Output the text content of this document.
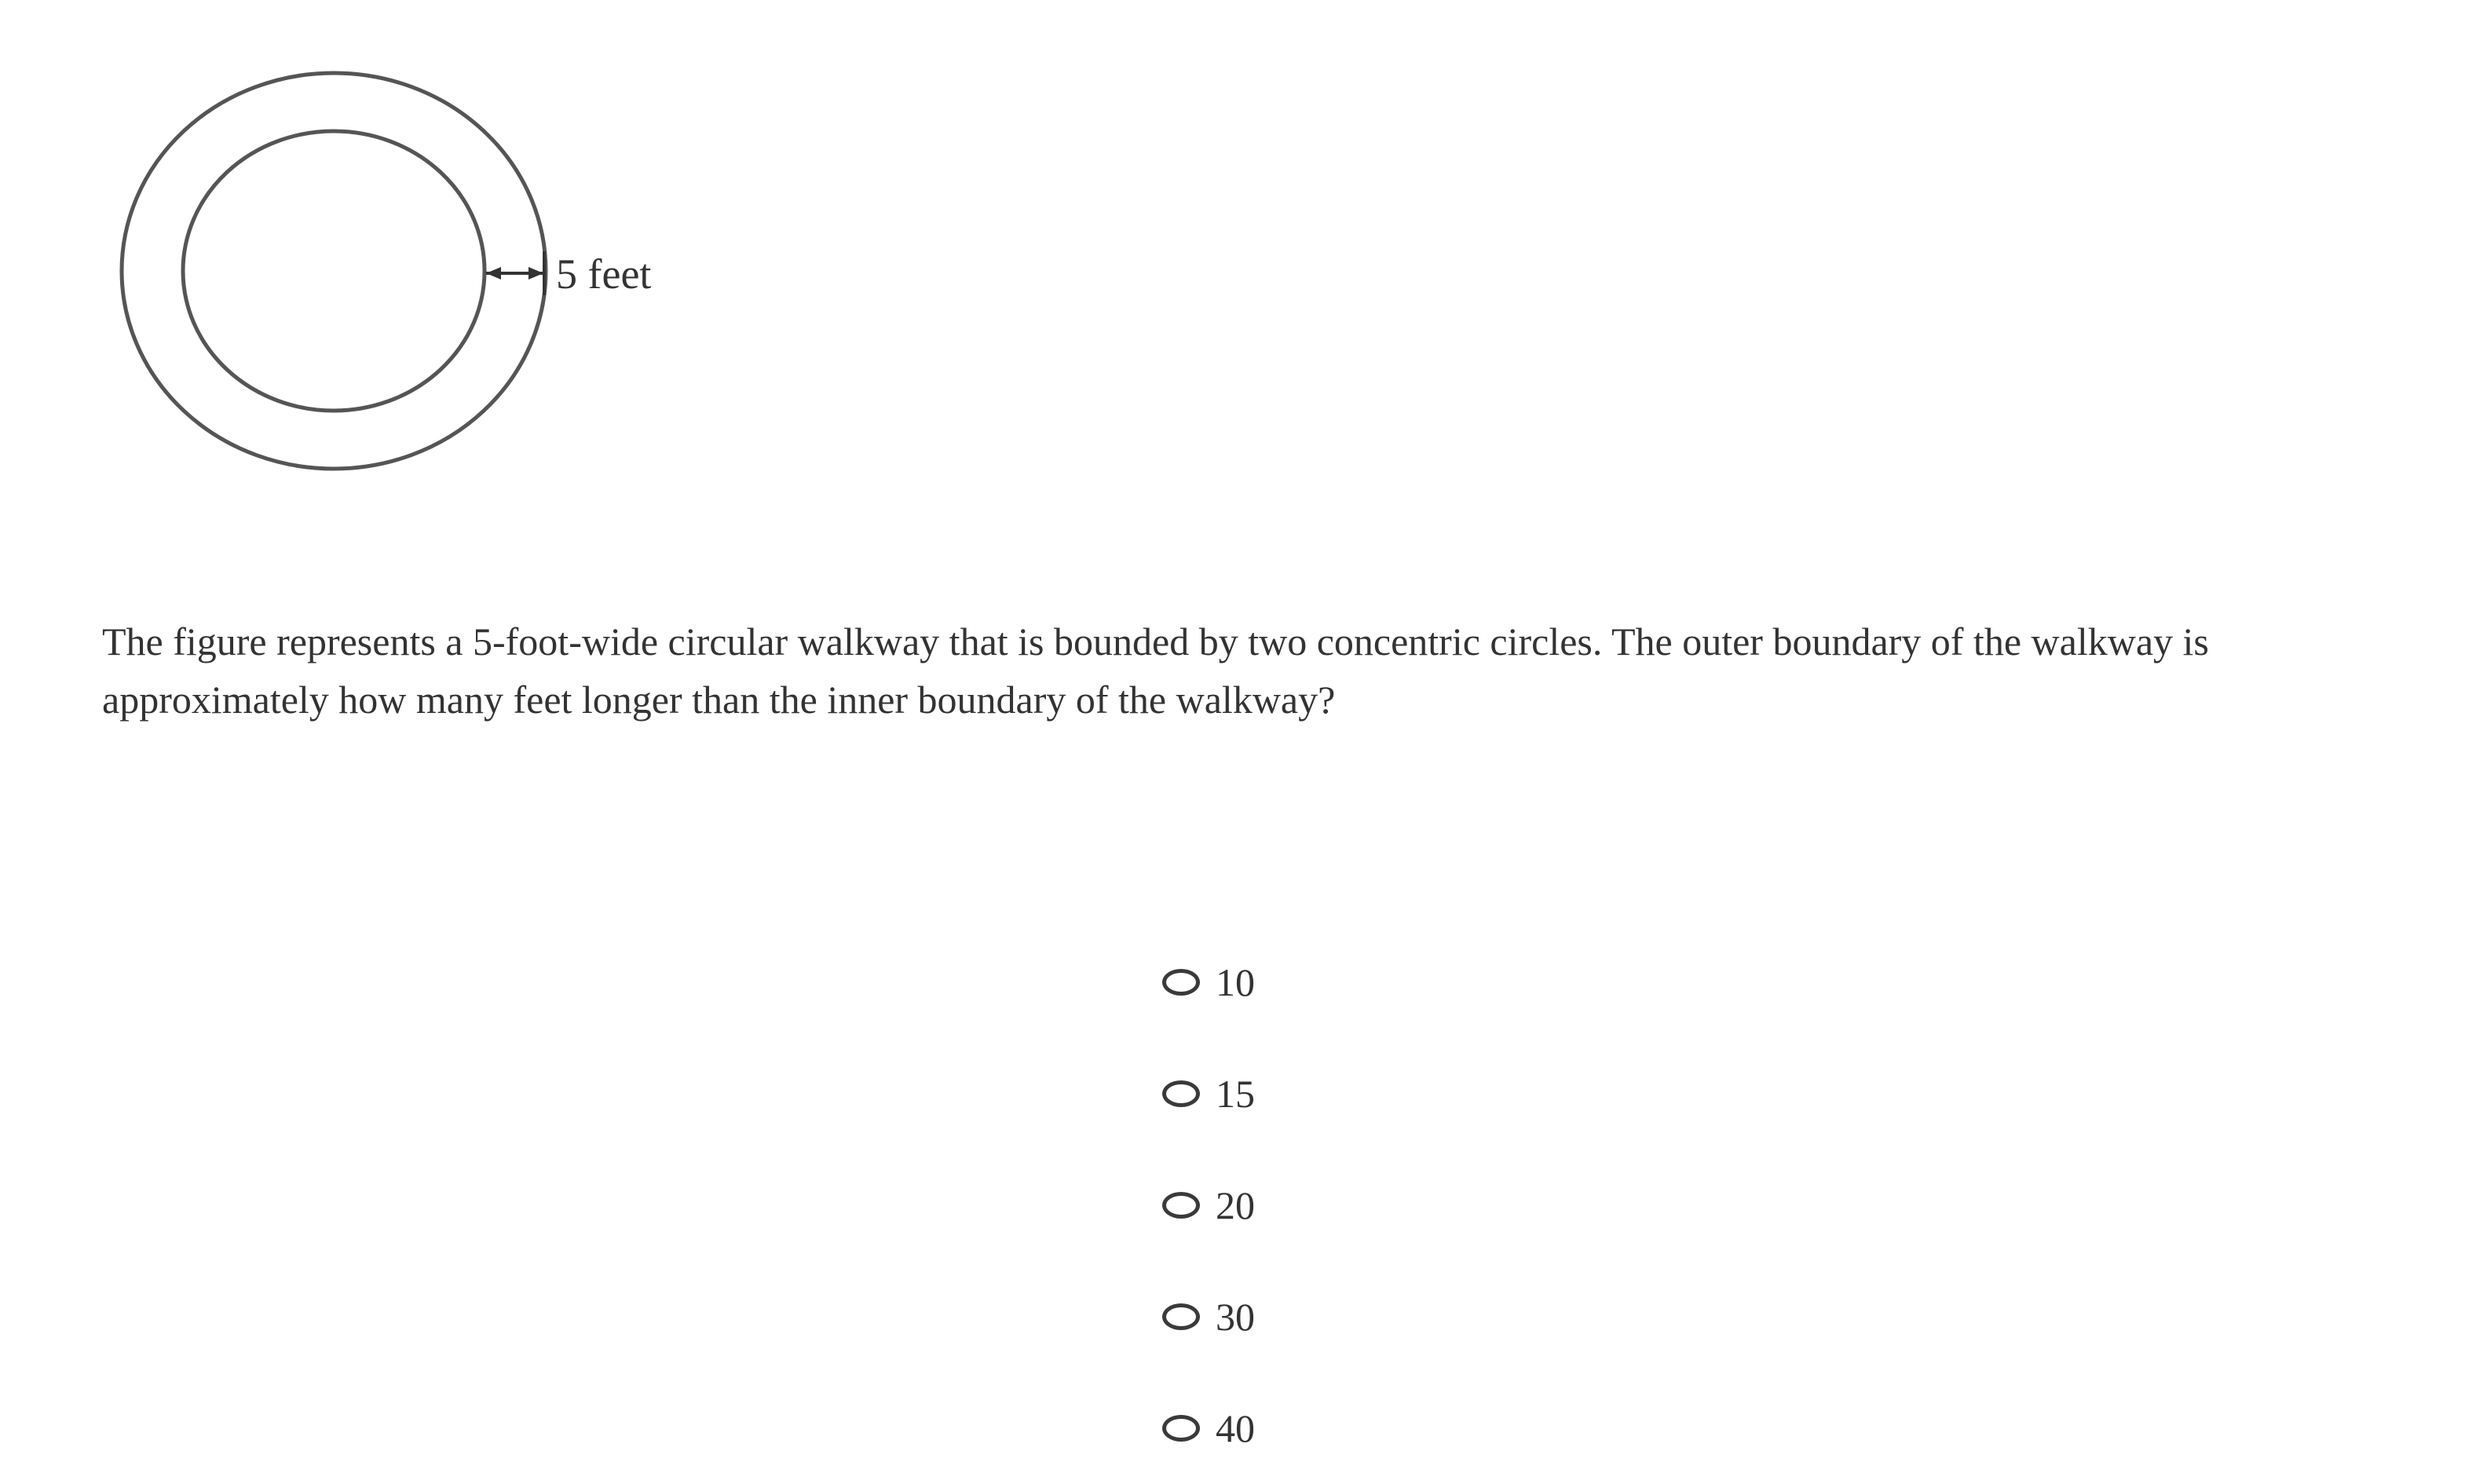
5 feet

The figure represents a 5-foot-wide circular walkway that is bounded by two concentric circles. The outer boundary of the walkway is approximately how many feet longer than the inner boundary of the walkway?

10
15
20
30
40
